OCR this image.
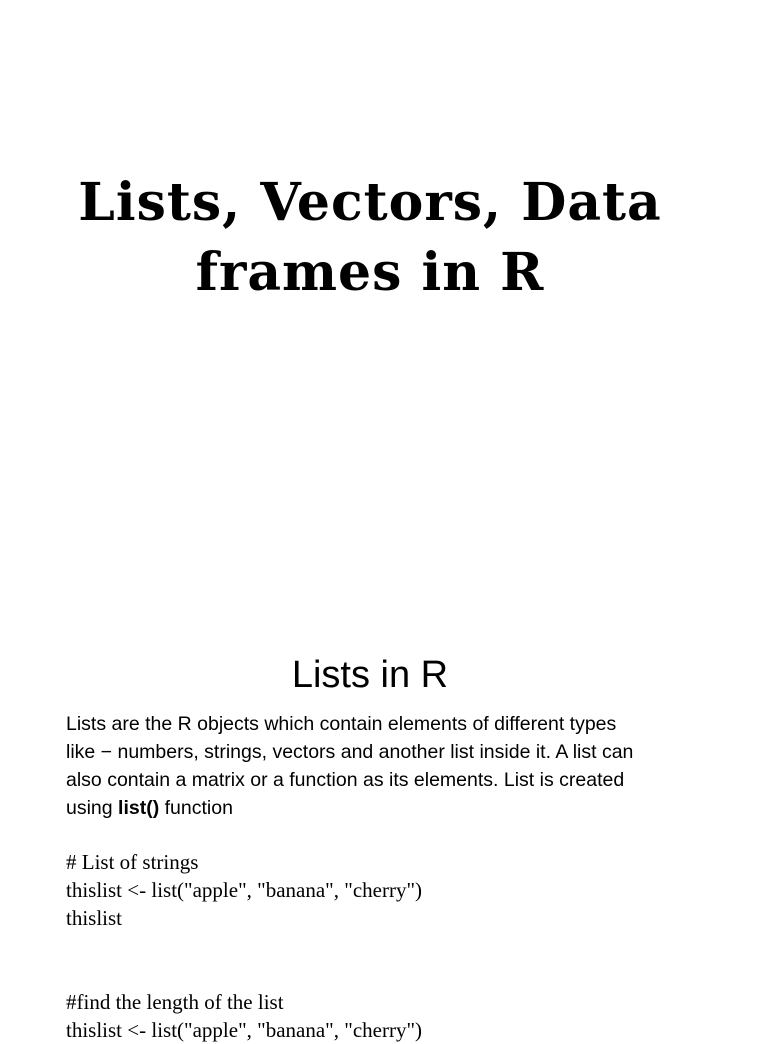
Lists, Vectors, Data
frames in R
Lists in R

Lists are the R objects which contain elements of different types
like − numbers, strings, vectors and another list inside it. A list can
also contain a matrix or a function as its elements. List is created
using list() function

# List of strings
thislist <- list("apple", "banana", "cherry")
thislist
#find the length of the list
thislist <- list("apple", "banana", "cherry")
